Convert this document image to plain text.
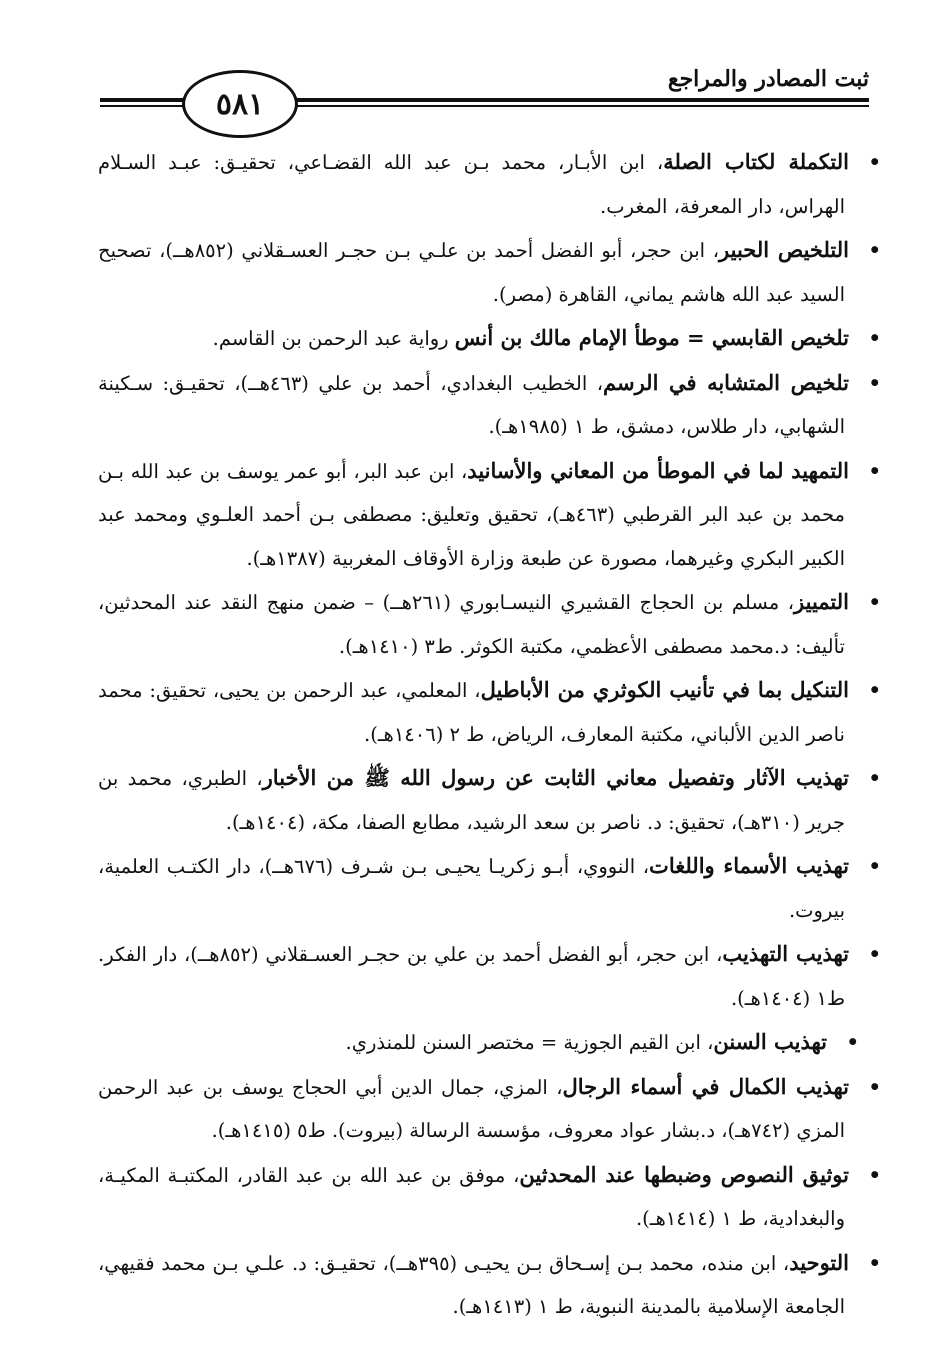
ثبت المصادر والمراجع
٥٨١

•التكملة لكتاب الصلة، ابن الأبـار، محمد بـن عبد الله القضـاعي، تحقيـق: عبـد السـلام الهراس، دار المعرفة، المغرب.

•التلخيص الحبير، ابن حجر، أبو الفضل أحمد بن علـي بـن حجـر العسـقلاني (٨٥٢هــ)، تصحيح السيد عبد الله هاشم يماني، القاهرة (مصر).

•تلخيص القابسي = موطأ الإمام مالك بن أنس رواية عبد الرحمن بن القاسم.

•تلخيص المتشابه في الرسم، الخطيب البغدادي، أحمد بن علي (٤٦٣هــ)، تحقيـق: سـكينة الشهابي، دار طلاس، دمشق، ط ١ (١٩٨٥هـ).

•التمهيد لما في الموطأ من المعاني والأسانيد، ابن عبد البر، أبو عمر يوسف بن عبد الله بـن محمد بن عبد البر القرطبي (٤٦٣هـ)، تحقيق وتعليق: مصطفى بـن أحمد العلـوي ومحمد عبد الكبير البكري وغيرهما، مصورة عن طبعة وزارة الأوقاف المغربية (١٣٨٧هـ).

•التمييز، مسلم بن الحجاج القشيري النيسـابوري (٢٦١هــ) – ضمن منهج النقد عند المحدثين، تأليف: د.محمد مصطفى الأعظمي، مكتبة الكوثر. ط٣ (١٤١٠هـ).

•التنكيل بما في تأنيب الكوثري من الأباطيل، المعلمي، عبد الرحمن بن يحيى، تحقيق: محمد ناصر الدين الألباني، مكتبة المعارف، الرياض، ط ٢ (١٤٠٦هـ).

•تهذيب الآثار وتفصيل معاني الثابت عن رسول الله ﷺ من الأخبار، الطبري، محمد بن جرير (٣١٠هـ)، تحقيق: د. ناصر بن سعد الرشيد، مطابع الصفا، مكة، (١٤٠٤هـ).

•تهذيب الأسماء واللغات، النووي، أبـو زكريـا يحيـى بـن شـرف (٦٧٦هــ)، دار الكتـب العلمية، بيروت.

•تهذيب التهذيب، ابن حجر، أبو الفضل أحمد بن علي بن حجـر العسـقلاني (٨٥٢هــ)، دار الفكر. ط١ (١٤٠٤هـ).

•تهذيب السنن، ابن القيم الجوزية = مختصر السنن للمنذري.

•تهذيب الكمال في أسماء الرجال، المزي، جمال الدين أبي الحجاج يوسف بن عبد الرحمن المزي (٧٤٢هـ)، د.بشار عواد معروف، مؤسسة الرسالة (بيروت). ط٥ (١٤١٥هـ).

•توثيق النصوص وضبطها عند المحدثين، موفق بن عبد الله بن عبد القادر، المكتبـة المكيـة، والبغدادية، ط ١ (١٤١٤هـ).

•التوحيد، ابن منده، محمد بـن إسـحاق بـن يحيـى (٣٩٥هــ)، تحقيـق: د. علـي بـن محمد فقيهي، الجامعة الإسلامية بالمدينة النبوية، ط ١ (١٤١٣هـ).
